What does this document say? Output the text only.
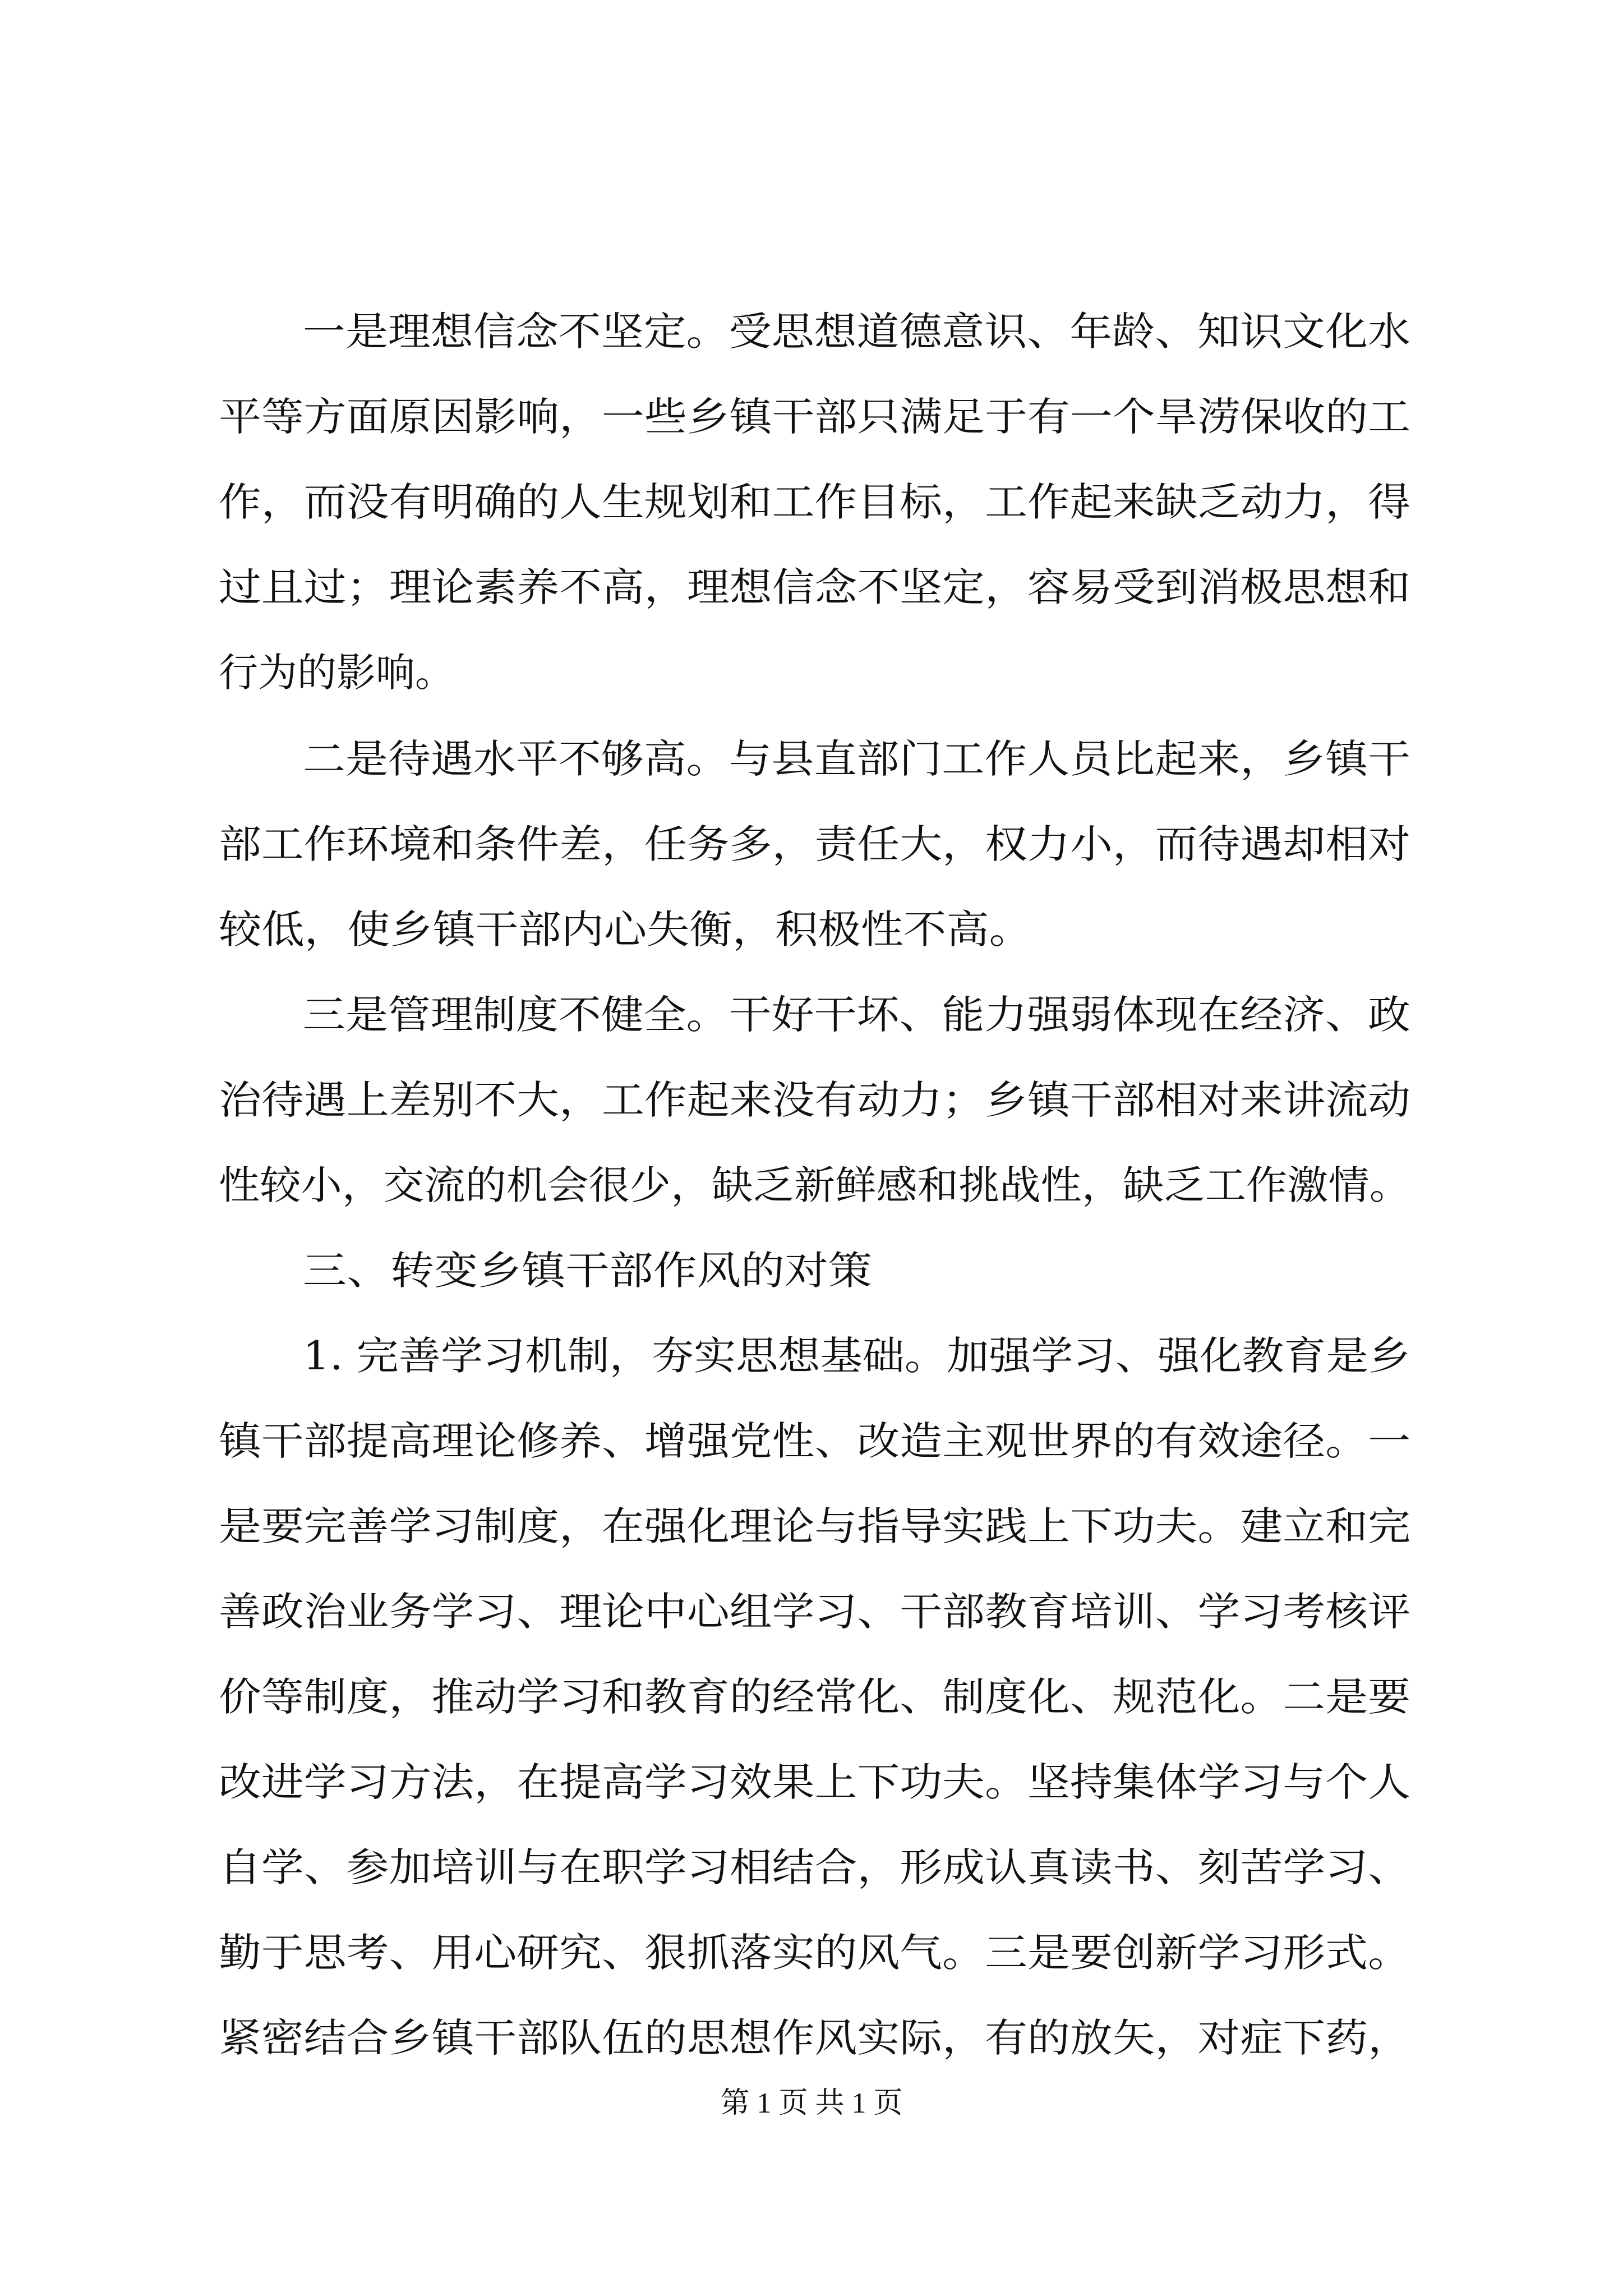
一是理想信念不坚定。受思想道德意识、年龄、知识文化水
平等方面原因影响，一些乡镇干部只满足于有一个旱涝保收的工
作，而没有明确的人生规划和工作目标，工作起来缺乏动力，得
过且过；理论素养不高，理想信念不坚定，容易受到消极思想和
行为的影响。
二是待遇水平不够高。与县直部门工作人员比起来，乡镇干
部工作环境和条件差，任务多，责任大，权力小，而待遇却相对
较低，使乡镇干部内心失衡，积极性不高。
三是管理制度不健全。干好干坏、能力强弱体现在经济、政
治待遇上差别不大，工作起来没有动力；乡镇干部相对来讲流动
性较小，交流的机会很少，缺乏新鲜感和挑战性，缺乏工作激情。
三、转变乡镇干部作风的对策
1. 完善学习机制，夯实思想基础。加强学习、强化教育是乡
镇干部提高理论修养、增强党性、改造主观世界的有效途径。一
是要完善学习制度，在强化理论与指导实践上下功夫。建立和完
善政治业务学习、理论中心组学习、干部教育培训、学习考核评
价等制度，推动学习和教育的经常化、制度化、规范化。二是要
改进学习方法，在提高学习效果上下功夫。坚持集体学习与个人
自学、参加培训与在职学习相结合，形成认真读书、刻苦学习、
勤于思考、用心研究、狠抓落实的风气。三是要创新学习形式。
紧密结合乡镇干部队伍的思想作风实际，有的放矢，对症下药，
第 1 页 共 1 页
